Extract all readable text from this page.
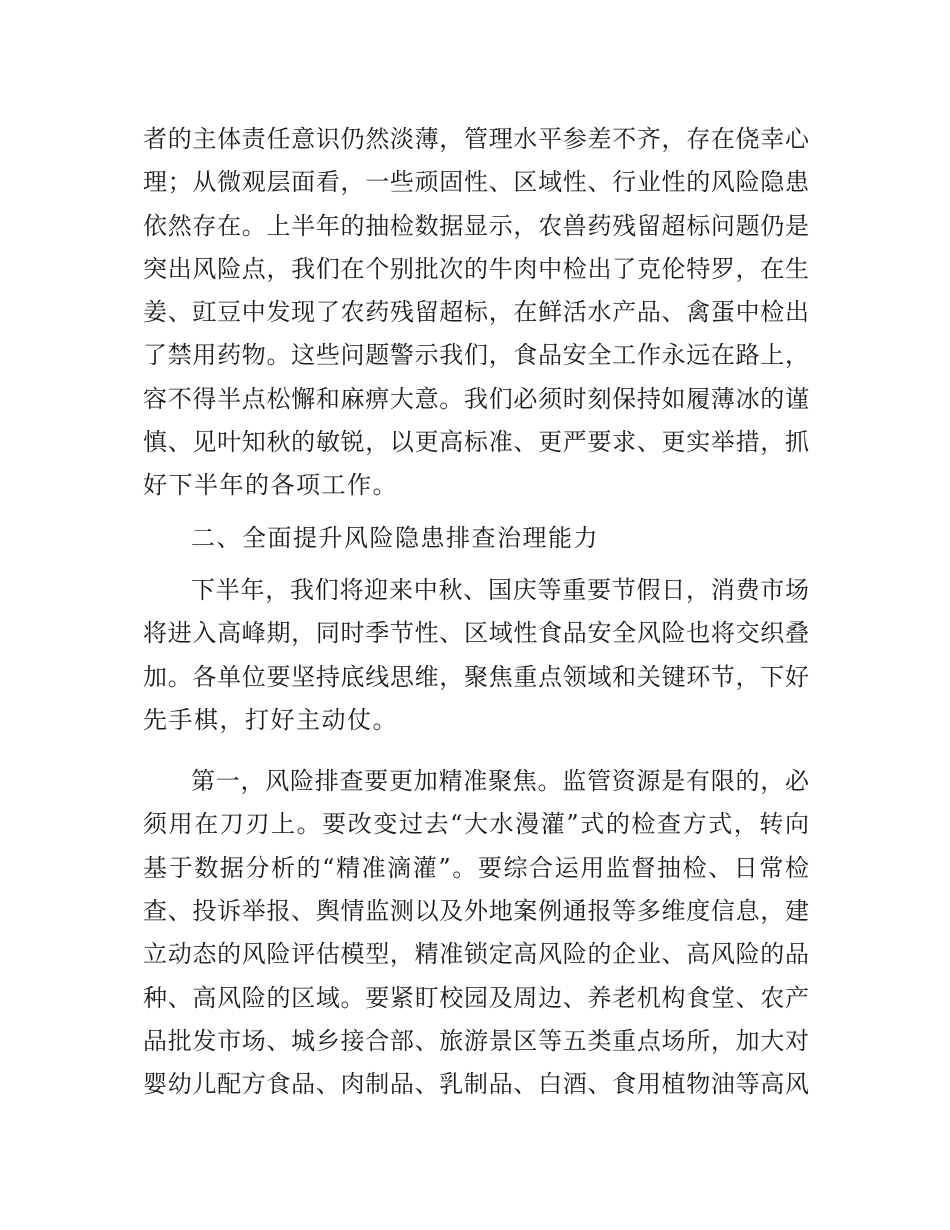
者的主体责任意识仍然淡薄，管理水平参差不齐，存在侥幸心
理；从微观层面看，一些顽固性、区域性、行业性的风险隐患
依然存在。上半年的抽检数据显示，农兽药残留超标问题仍是
突出风险点，我们在个别批次的牛肉中检出了克伦特罗，在生
姜、豇豆中发现了农药残留超标，在鲜活水产品、禽蛋中检出
了禁用药物。这些问题警示我们，食品安全工作永远在路上，
容不得半点松懈和麻痹大意。我们必须时刻保持如履薄冰的谨
慎、见叶知秋的敏锐，以更高标准、更严要求、更实举措，抓
好下半年的各项工作。
二、全面提升风险隐患排查治理能力
下半年，我们将迎来中秋、国庆等重要节假日，消费市场
将进入高峰期，同时季节性、区域性食品安全风险也将交织叠
加。各单位要坚持底线思维，聚焦重点领域和关键环节，下好
先手棋，打好主动仗。
第一，风险排查要更加精准聚焦。监管资源是有限的，必
须用在刀刃上。要改变过去“大水漫灌”式的检查方式，转向
基于数据分析的“精准滴灌”。要综合运用监督抽检、日常检
查、投诉举报、舆情监测以及外地案例通报等多维度信息，建
立动态的风险评估模型，精准锁定高风险的企业、高风险的品
种、高风险的区域。要紧盯校园及周边、养老机构食堂、农产
品批发市场、城乡接合部、旅游景区等五类重点场所，加大对
婴幼儿配方食品、肉制品、乳制品、白酒、食用植物油等高风
